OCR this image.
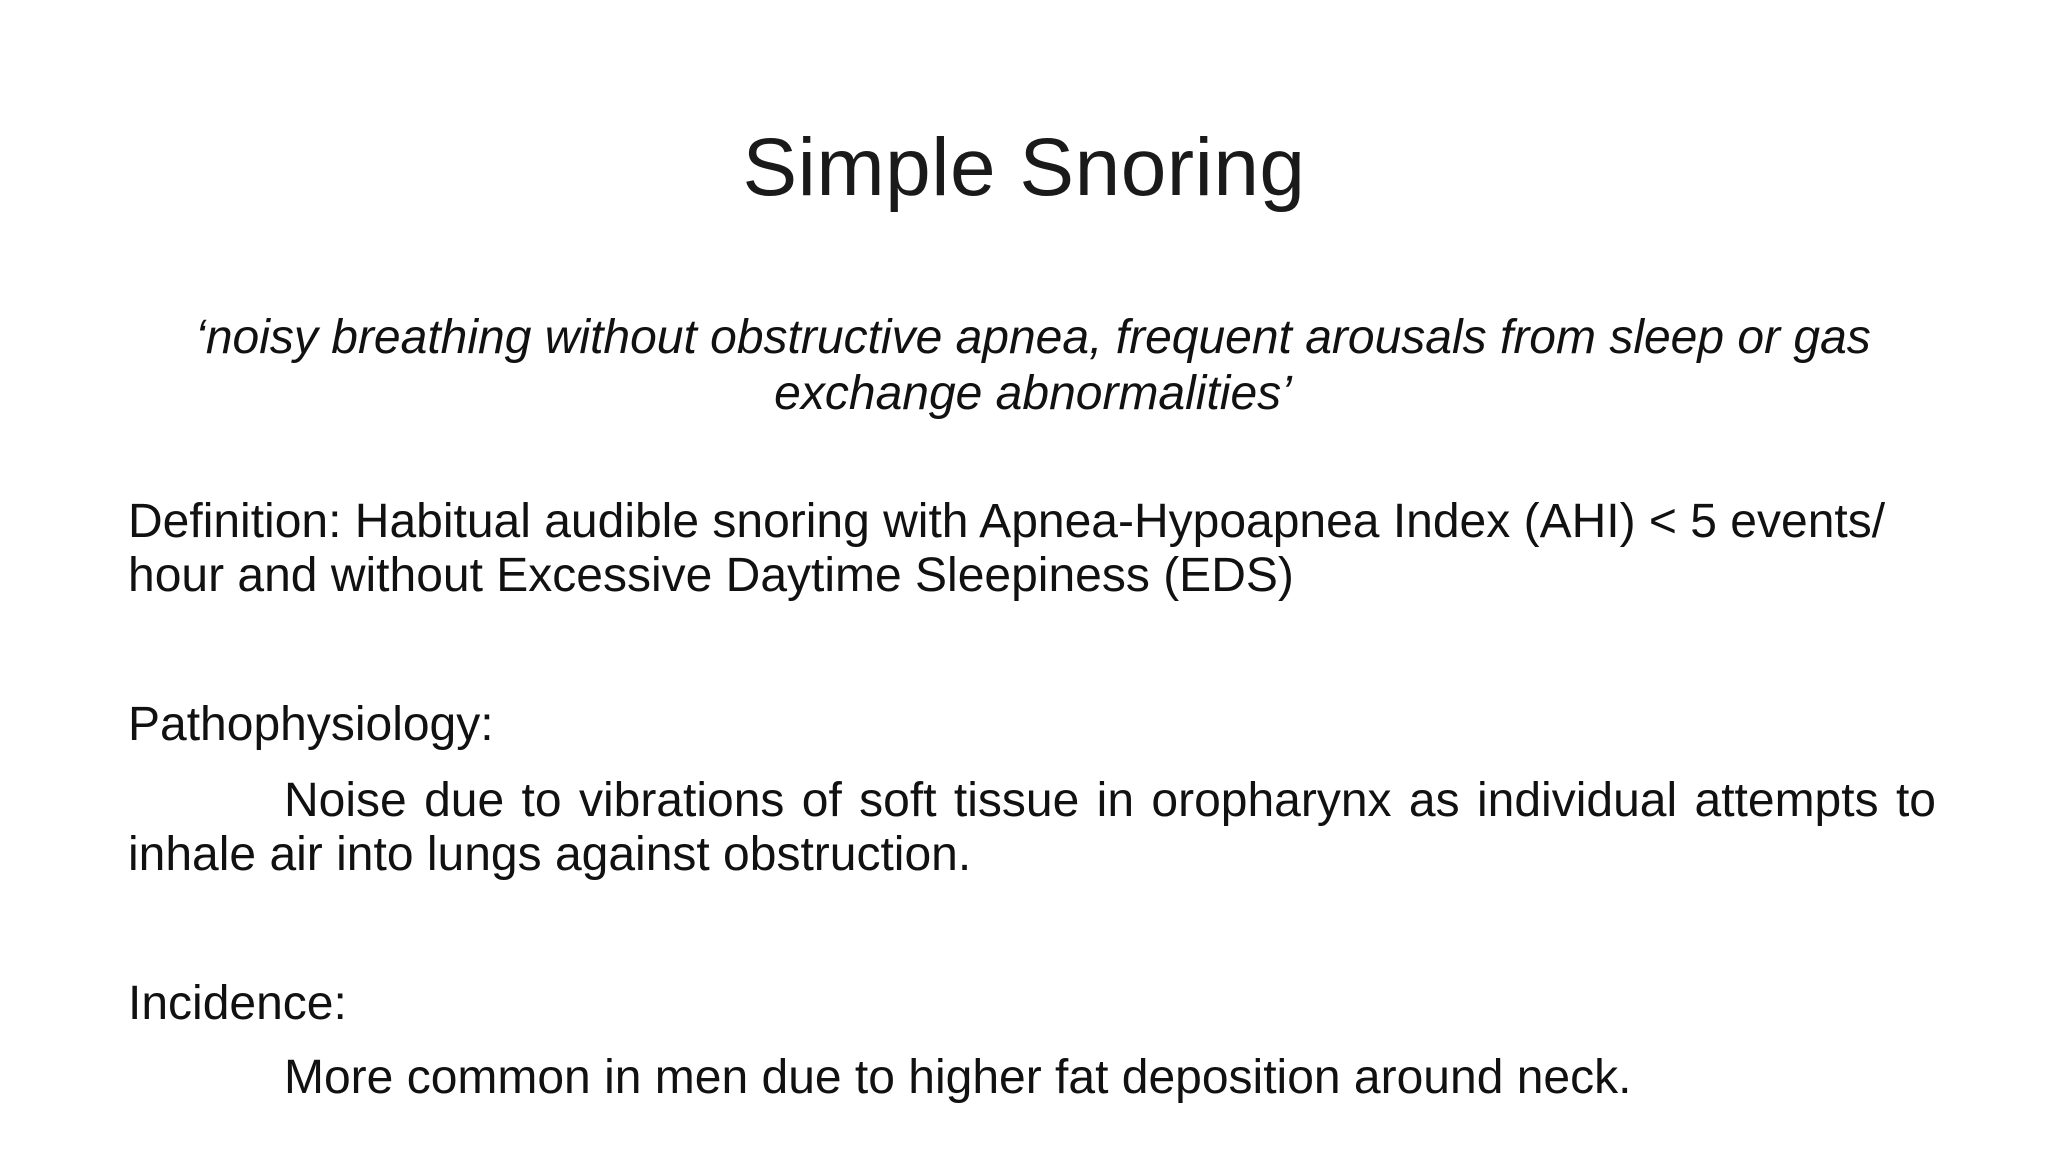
Simple Snoring
‘noisy breathing without obstructive apnea, frequent arousals from sleep or gas exchange abnormalities’
Definition: Habitual audible snoring with Apnea-Hypoapnea Index (AHI) < 5 events/ hour and without Excessive Daytime Sleepiness (EDS)
Pathophysiology:
Noise due to vibrations of soft tissue in oropharynx as individual attempts to inhale air into lungs against obstruction.
Incidence:
More common in men due to higher fat deposition around neck.
